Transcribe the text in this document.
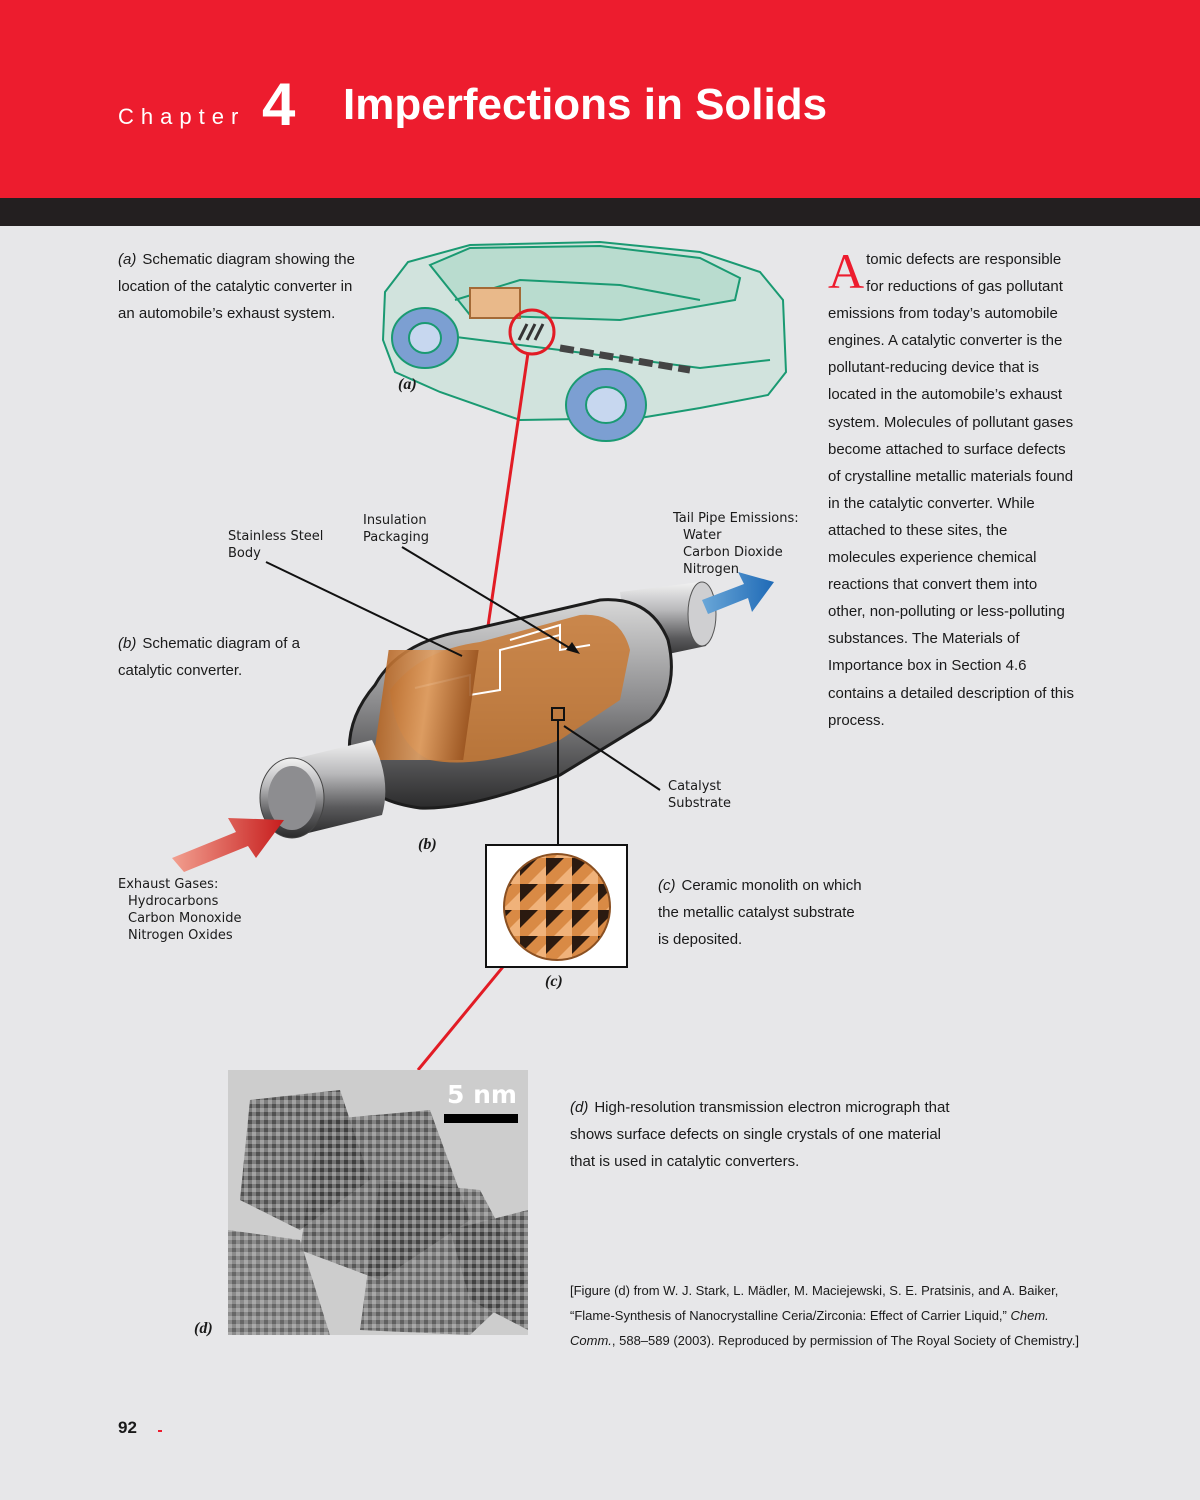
Chapter 4 Imperfections in Solids
(a) Schematic diagram showing the location of the catalytic converter in an automobile’s exhaust system.
(b) Schematic diagram of a catalytic converter.
(c) Ceramic monolith on which the metallic catalyst substrate is deposited.
(d) High-resolution transmission electron micrograph that shows surface defects on single crystals of one material that is used in catalytic converters.
Atomic defects are responsible for reductions of gas pollutant emissions from today’s automobile engines. A catalytic converter is the pollutant-reducing device that is located in the automobile’s exhaust system. Molecules of pollutant gases become attached to surface defects of crystalline metallic materials found in the catalytic converter. While attached to these sites, the molecules experience chemical reactions that convert them into other, non-polluting or less-polluting substances. The Materials of Importance box in Section 4.6 contains a detailed description of this process.
(a)
(b)
(c)
(d)
Stainless Steel
Body
Insulation
Packaging
Tail Pipe Emissions:
Water
Carbon Dioxide
Nitrogen
Catalyst
Substrate
Exhaust Gases:
Hydrocarbons
Carbon Monoxide
Nitrogen Oxides
5 nm
[Figure (d) from W. J. Stark, L. Mädler, M. Maciejewski, S. E. Pratsinis, and A. Baiker, “Flame-Synthesis of Nanocrystalline Ceria/Zirconia: Effect of Carrier Liquid,” Chem. Comm., 588–589 (2003). Reproduced by permission of The Royal Society of Chemistry.]
92
